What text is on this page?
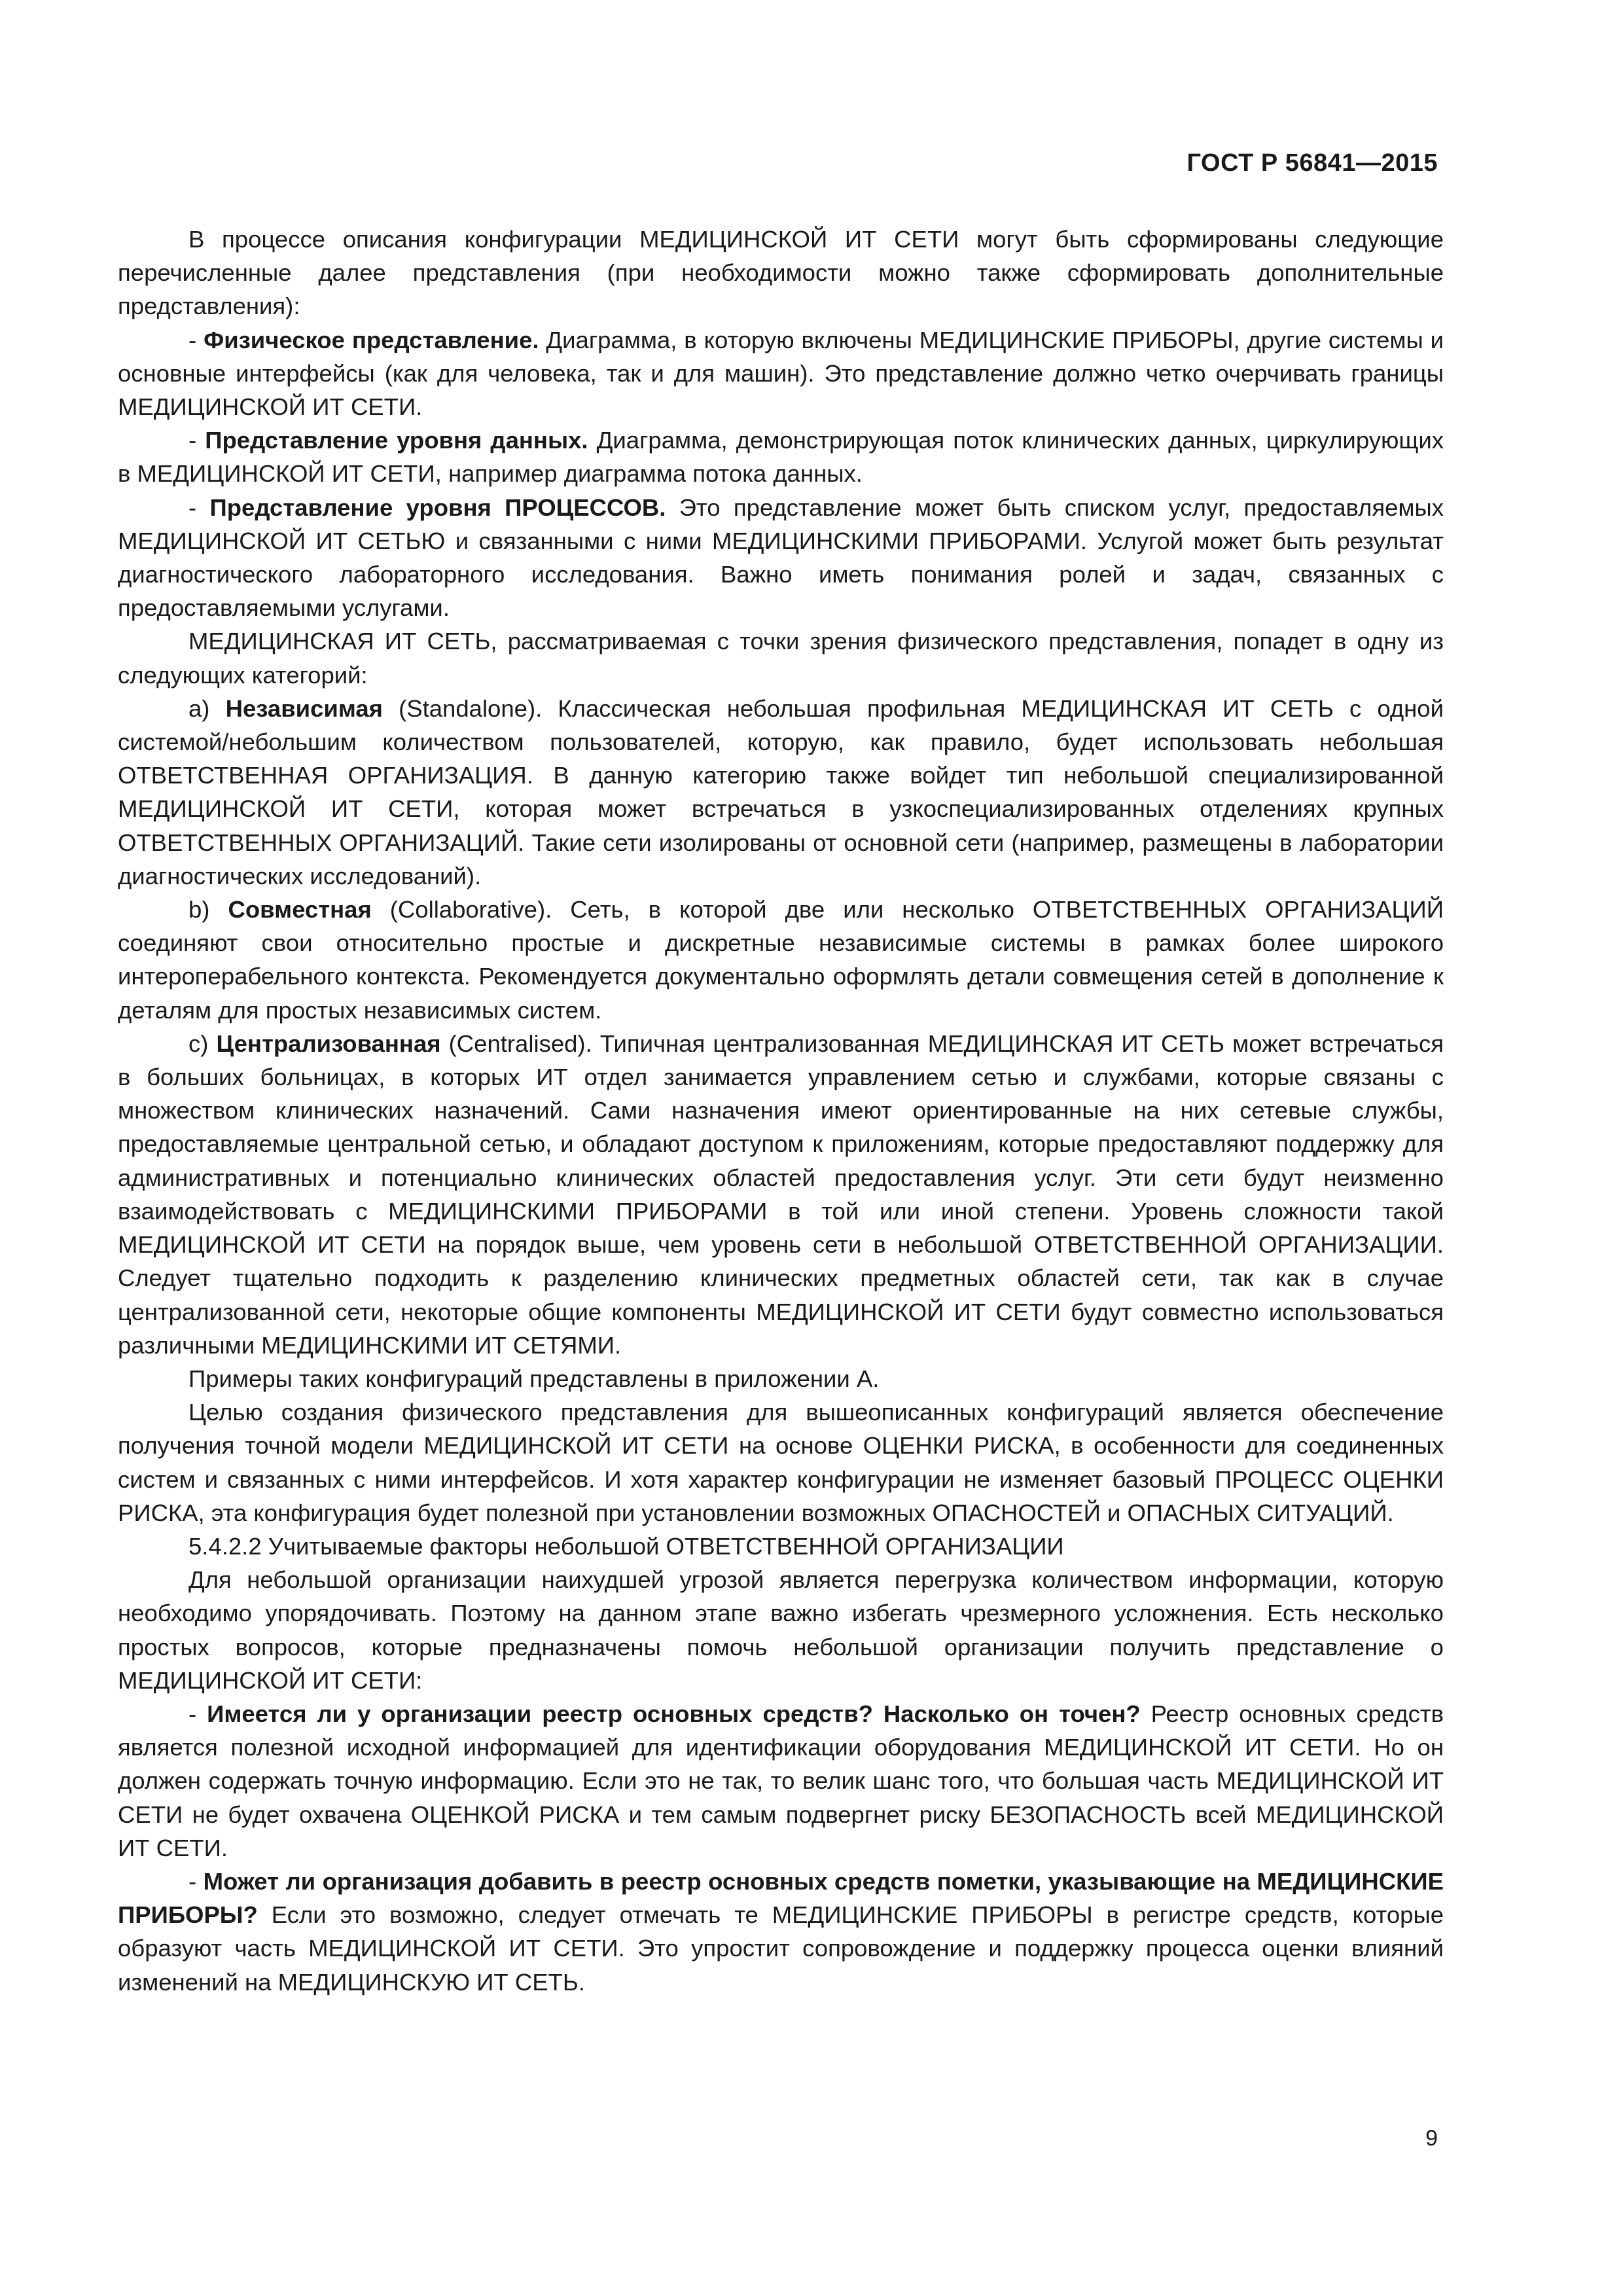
ГОСТ Р 56841—2015

В процессе описания конфигурации МЕДИЦИНСКОЙ ИТ СЕТИ могут быть сформированы следующие перечисленные далее представления (при необходимости можно также сформировать дополнительные представления):

- Физическое представление. Диаграмма, в которую включены МЕДИЦИНСКИЕ ПРИБОРЫ, другие системы и основные интерфейсы (как для человека, так и для машин). Это представление должно четко очерчивать границы МЕДИЦИНСКОЙ ИТ СЕТИ.

- Представление уровня данных. Диаграмма, демонстрирующая поток клинических данных, циркулирующих в МЕДИЦИНСКОЙ ИТ СЕТИ, например диаграмма потока данных.

- Представление уровня ПРОЦЕССОВ. Это представление может быть списком услуг, предоставляемых МЕДИЦИНСКОЙ ИТ СЕТЬЮ и связанными с ними МЕДИЦИНСКИМИ ПРИБОРАМИ. Услугой может быть результат диагностического лабораторного исследования. Важно иметь понимания ролей и задач, связанных с предоставляемыми услугами.

МЕДИЦИНСКАЯ ИТ СЕТЬ, рассматриваемая с точки зрения физического представления, попадет в одну из следующих категорий:

а) Независимая (Standalone). Классическая небольшая профильная МЕДИЦИНСКАЯ ИТ СЕТЬ с одной системой/небольшим количеством пользователей, которую, как правило, будет использовать небольшая ОТВЕТСТВЕННАЯ ОРГАНИЗАЦИЯ. В данную категорию также войдет тип небольшой специализированной МЕДИЦИНСКОЙ ИТ СЕТИ, которая может встречаться в узкоспециализированных отделениях крупных ОТВЕТСТВЕННЫХ ОРГАНИЗАЦИЙ. Такие сети изолированы от основной сети (например, размещены в лаборатории диагностических исследований).

b) Совместная (Collaborative). Сеть, в которой две или несколько ОТВЕТСТВЕННЫХ ОРГАНИЗАЦИЙ соединяют свои относительно простые и дискретные независимые системы в рамках более широкого интероперабельного контекста. Рекомендуется документально оформлять детали совмещения сетей в дополнение к деталям для простых независимых систем.

с) Централизованная (Centralised). Типичная централизованная МЕДИЦИНСКАЯ ИТ СЕТЬ может встречаться в больших больницах, в которых ИТ отдел занимается управлением сетью и службами, которые связаны с множеством клинических назначений. Сами назначения имеют ориентированные на них сетевые службы, предоставляемые центральной сетью, и обладают доступом к приложениям, которые предоставляют поддержку для административных и потенциально клинических областей предоставления услуг. Эти сети будут неизменно взаимодействовать с МЕДИЦИНСКИМИ ПРИБОРАМИ в той или иной степени. Уровень сложности такой МЕДИЦИНСКОЙ ИТ СЕТИ на порядок выше, чем уровень сети в небольшой ОТВЕТСТВЕННОЙ ОРГАНИЗАЦИИ. Следует тщательно подходить к разделению клинических предметных областей сети, так как в случае централизованной сети, некоторые общие компоненты МЕДИЦИНСКОЙ ИТ СЕТИ будут совместно использоваться различными МЕДИЦИНСКИМИ ИТ СЕТЯМИ.

Примеры таких конфигураций представлены в приложении А.

Целью создания физического представления для вышеописанных конфигураций является обеспечение получения точной модели МЕДИЦИНСКОЙ ИТ СЕТИ на основе ОЦЕНКИ РИСКА, в особенности для соединенных систем и связанных с ними интерфейсов. И хотя характер конфигурации не изменяет базовый ПРОЦЕСС ОЦЕНКИ РИСКА, эта конфигурация будет полезной при установлении возможных ОПАСНОСТЕЙ и ОПАСНЫХ СИТУАЦИЙ.

5.4.2.2 Учитываемые факторы небольшой ОТВЕТСТВЕННОЙ ОРГАНИЗАЦИИ

Для небольшой организации наихудшей угрозой является перегрузка количеством информации, которую необходимо упорядочивать. Поэтому на данном этапе важно избегать чрезмерного усложнения. Есть несколько простых вопросов, которые предназначены помочь небольшой организации получить представление о МЕДИЦИНСКОЙ ИТ СЕТИ:

- Имеется ли у организации реестр основных средств? Насколько он точен? Реестр основных средств является полезной исходной информацией для идентификации оборудования МЕДИЦИНСКОЙ ИТ СЕТИ. Но он должен содержать точную информацию. Если это не так, то велик шанс того, что большая часть МЕДИЦИНСКОЙ ИТ СЕТИ не будет охвачена ОЦЕНКОЙ РИСКА и тем самым подвергнет риску БЕЗОПАСНОСТЬ всей МЕДИЦИНСКОЙ ИТ СЕТИ.

- Может ли организация добавить в реестр основных средств пометки, указывающие на МЕДИЦИНСКИЕ ПРИБОРЫ? Если это возможно, следует отмечать те МЕДИЦИНСКИЕ ПРИБОРЫ в регистре средств, которые образуют часть МЕДИЦИНСКОЙ ИТ СЕТИ. Это упростит сопровождение и поддержку процесса оценки влияний изменений на МЕДИЦИНСКУЮ ИТ СЕТЬ.

9
